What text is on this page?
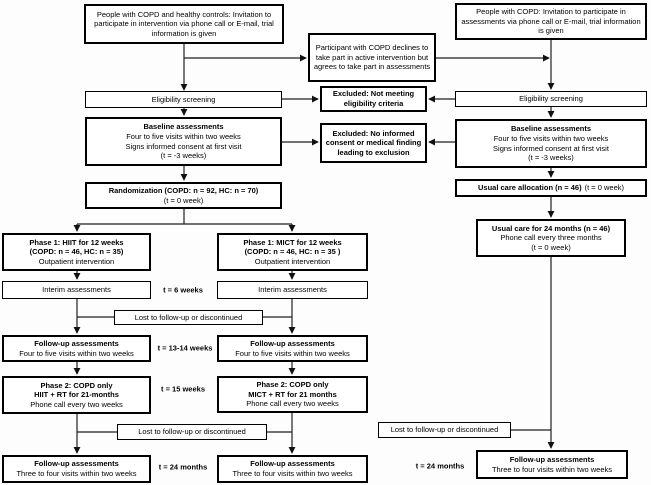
People with COPD and healthy controls: Invitation to participate in intervention via phone call or E-mail, trial information is given
People with COPD: Invitation to participate in assessments via phone call or E-mail, trial information is given
Participant with COPD declines to take part in active intervention but agrees to take part in assessments
Eligibility screening
Excluded: Not meeting eligibility criteria
Eligibility screening
Baseline assessments
Four to five visits within two weeks
Signs informed consent at first visit
(t = -3 weeks)
Excluded: No informed consent or medical finding leading to exclusion
Baseline assessments
Four to five visits within two weeks
Signs informed consent at first visit
(t = -3 weeks)
Randomization (COPD: n = 92, HC: n = 70)
(t = 0 week)
Usual care allocation (n = 46) (t = 0 week)
Phase 1: HIIT for 12 weeks
(COPD: n = 46, HC: n = 35)
Outpatient intervention
Phase 1: MICT for 12 weeks
(COPD: n = 46, HC: n = 35 )
Outpatient intervention
Usual care for 24 months (n = 46)
Phone call every three months
(t = 0 week)
Interim assessments	Interim assessments
Lost to follow-up or discontinued
Follow-up assessments
Four to five visits within two weeks
Follow-up assessments
Four to five visits within two weeks
Phase 2: COPD only
HIIT + RT for 21-months
Phone call every two weeks
Phase 2: COPD only
MICT + RT for 21 months
Phone call every two weeks
Lost to follow-up or discontinued
Follow-up assessments
Three to four visits within two weeks
Follow-up assessments
Three to four visits within two weeks
Lost to follow-up or discontinued
Follow-up assessments
Three to four visits within two weeks
t = 6 weeks
t = 13-14 weeks
t = 15 weeks
t = 24 months	t = 24 months
